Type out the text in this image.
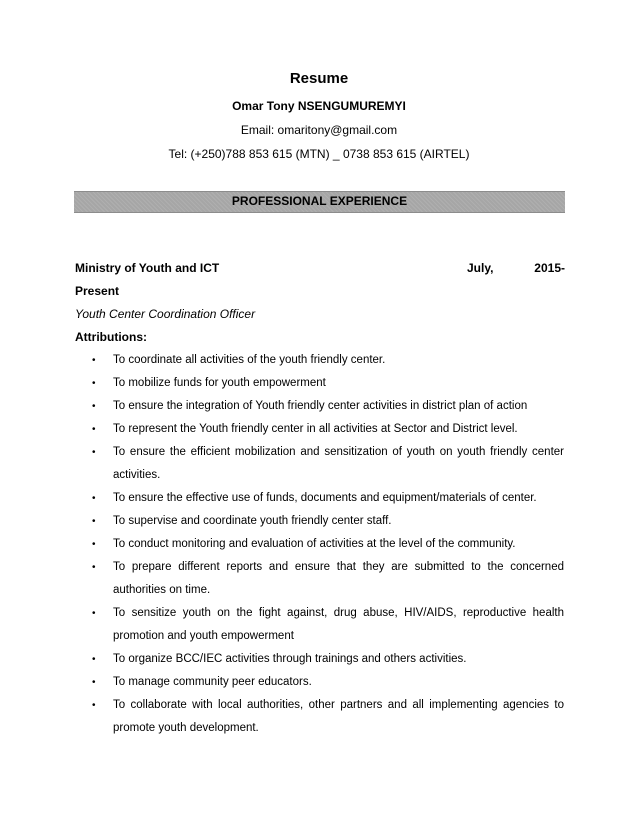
Resume
Omar Tony NSENGUMUREMYI
Email: omaritony@gmail.com
Tel: (+250)788 853 615 (MTN) _ 0738 853 615 (AIRTEL)
PROFESSIONAL EXPERIENCE
Ministry of Youth and ICT	July,	2015-
Present
Youth Center Coordination Officer
Attributions:
• To coordinate all activities of the youth friendly center.
• To mobilize funds for youth empowerment
• To ensure the integration of Youth friendly center activities in district plan of action
• To represent the Youth friendly center in all activities at Sector and District level.
• To ensure the efficient mobilization and sensitization of youth on youth friendly center activities.
• To ensure the effective use of funds, documents and equipment/materials of center.
• To supervise and coordinate youth friendly center staff.
• To conduct monitoring and evaluation of activities at the level of the community.
• To prepare different reports and ensure that they are submitted to the concerned authorities on time.
• To sensitize youth on the fight against, drug abuse, HIV/AIDS, reproductive health promotion and youth empowerment
• To organize BCC/IEC activities through trainings and others activities.
• To manage community peer educators.
• To collaborate with local authorities, other partners and all implementing agencies to promote youth development.
